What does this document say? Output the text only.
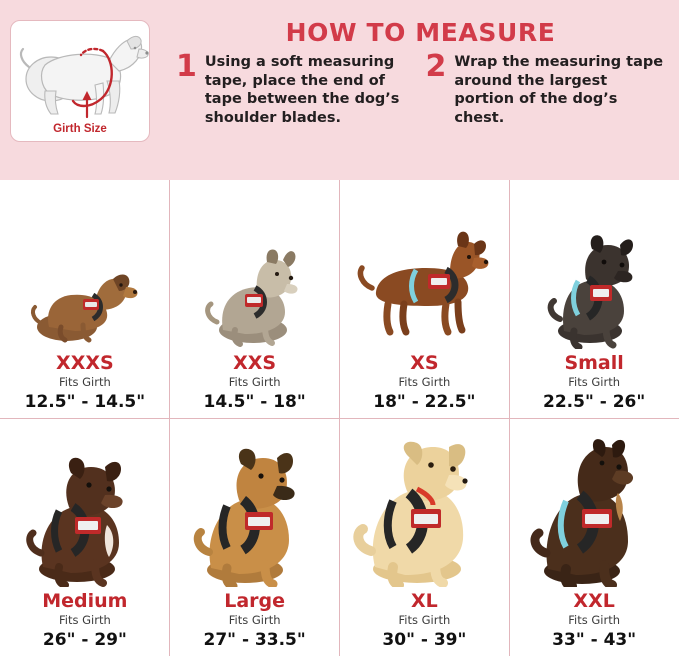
Girth Size
HOW TO MEASURE
1 Using a soft measuring tape, place the end of tape between the dog’s shoulder blades.
2 Wrap the measuring tape around the largest portion of the dog’s chest.
XXXS
Fits Girth
12.5" - 14.5"
XXS
Fits Girth
14.5" - 18"
XS
Fits Girth
18" - 22.5"
Small
Fits Girth
22.5" - 26"
Medium
Fits Girth
26" - 29"
Large
Fits Girth
27" - 33.5"
XL
Fits Girth
30" - 39"
XXL
Fits Girth
33" - 43"
